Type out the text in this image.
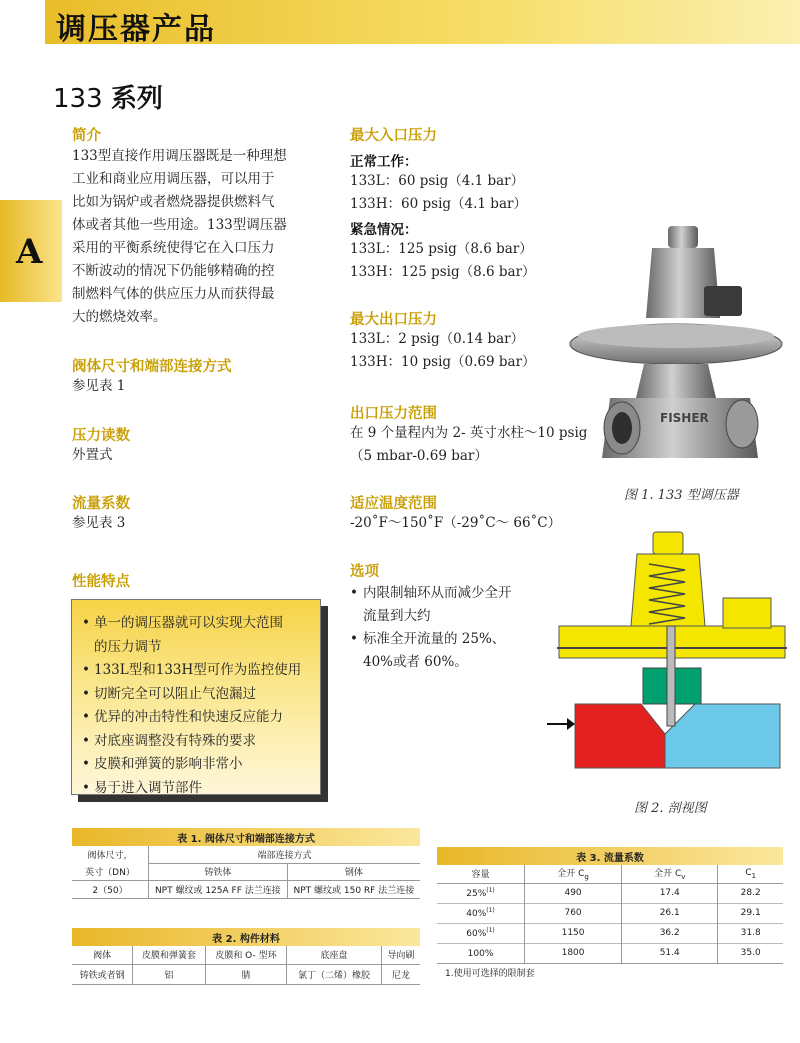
调压器产品
133 系列
A
简介
133型直接作用调压器既是一种理想
工业和商业应用调压器，可以用于
比如为锅炉或者燃烧器提供燃料气
体或者其他一些用途。133型调压器
采用的平衡系统使得它在入口压力
不断波动的情况下仍能够精确的控
制燃料气体的供应压力从而获得最
大的燃烧效率。
阀体尺寸和端部连接方式
参见表 1
压力读数
外置式
流量系数
参见表 3
性能特点
• 单一的调压器就可以实现大范围
的压力调节
• 133L型和133H型可作为监控使用
• 切断完全可以阻止气泡漏过
• 优异的冲击特性和快速反应能力
• 对底座调整没有特殊的要求
• 皮膜和弹簧的影响非常小
• 易于进入调节部件
最大入口压力
正常工作：
133L：60 psig（4.1 bar）
133H：60 psig（4.1 bar）
紧急情况：
133L：125 psig（8.6 bar）
133H：125 psig（8.6 bar）
最大出口压力
133L：2 psig（0.14 bar）
133H：10 psig（0.69 bar）
出口压力范围
在 9 个量程内为 2- 英寸水柱～10 psig
（5 mbar-0.69 bar）
适应温度范围
-20˚F～150˚F（-29˚C～ 66˚C）
选项
• 内限制轴环从而减少全开
流量到大约
• 标准全开流量的 25%、
40%或者 60%。
FISHER
图 1. 133 型调压器
图 2. 剖视图
表 1. 阀体尺寸和端部连接方式		
阀体尺寸，	端部连接方式	
英寸（DN）	铸铁体	钢体
2（50）	NPT 螺纹或 125A FF 法兰连接	NPT 螺纹或 150 RF 法兰连接
表 2. 构件材料				
阀体	皮膜和弹簧套	皮膜和 O- 型环	底座盘	导向刷
铸铁或者钢	铝	腈	氯丁（二烯）橡胶	尼龙
表 3. 流量系数			
容量	全开 $C_g$	全开 $C_v$	$C_1$
25%$^{(1)}$	490	17.4	28.2
40%$^{(1)}$	760	26.1	29.1
60%$^{(1)}$	1150	36.2	31.8
100%	1800	51.4	35.0
1.使用可选择的限制套			
